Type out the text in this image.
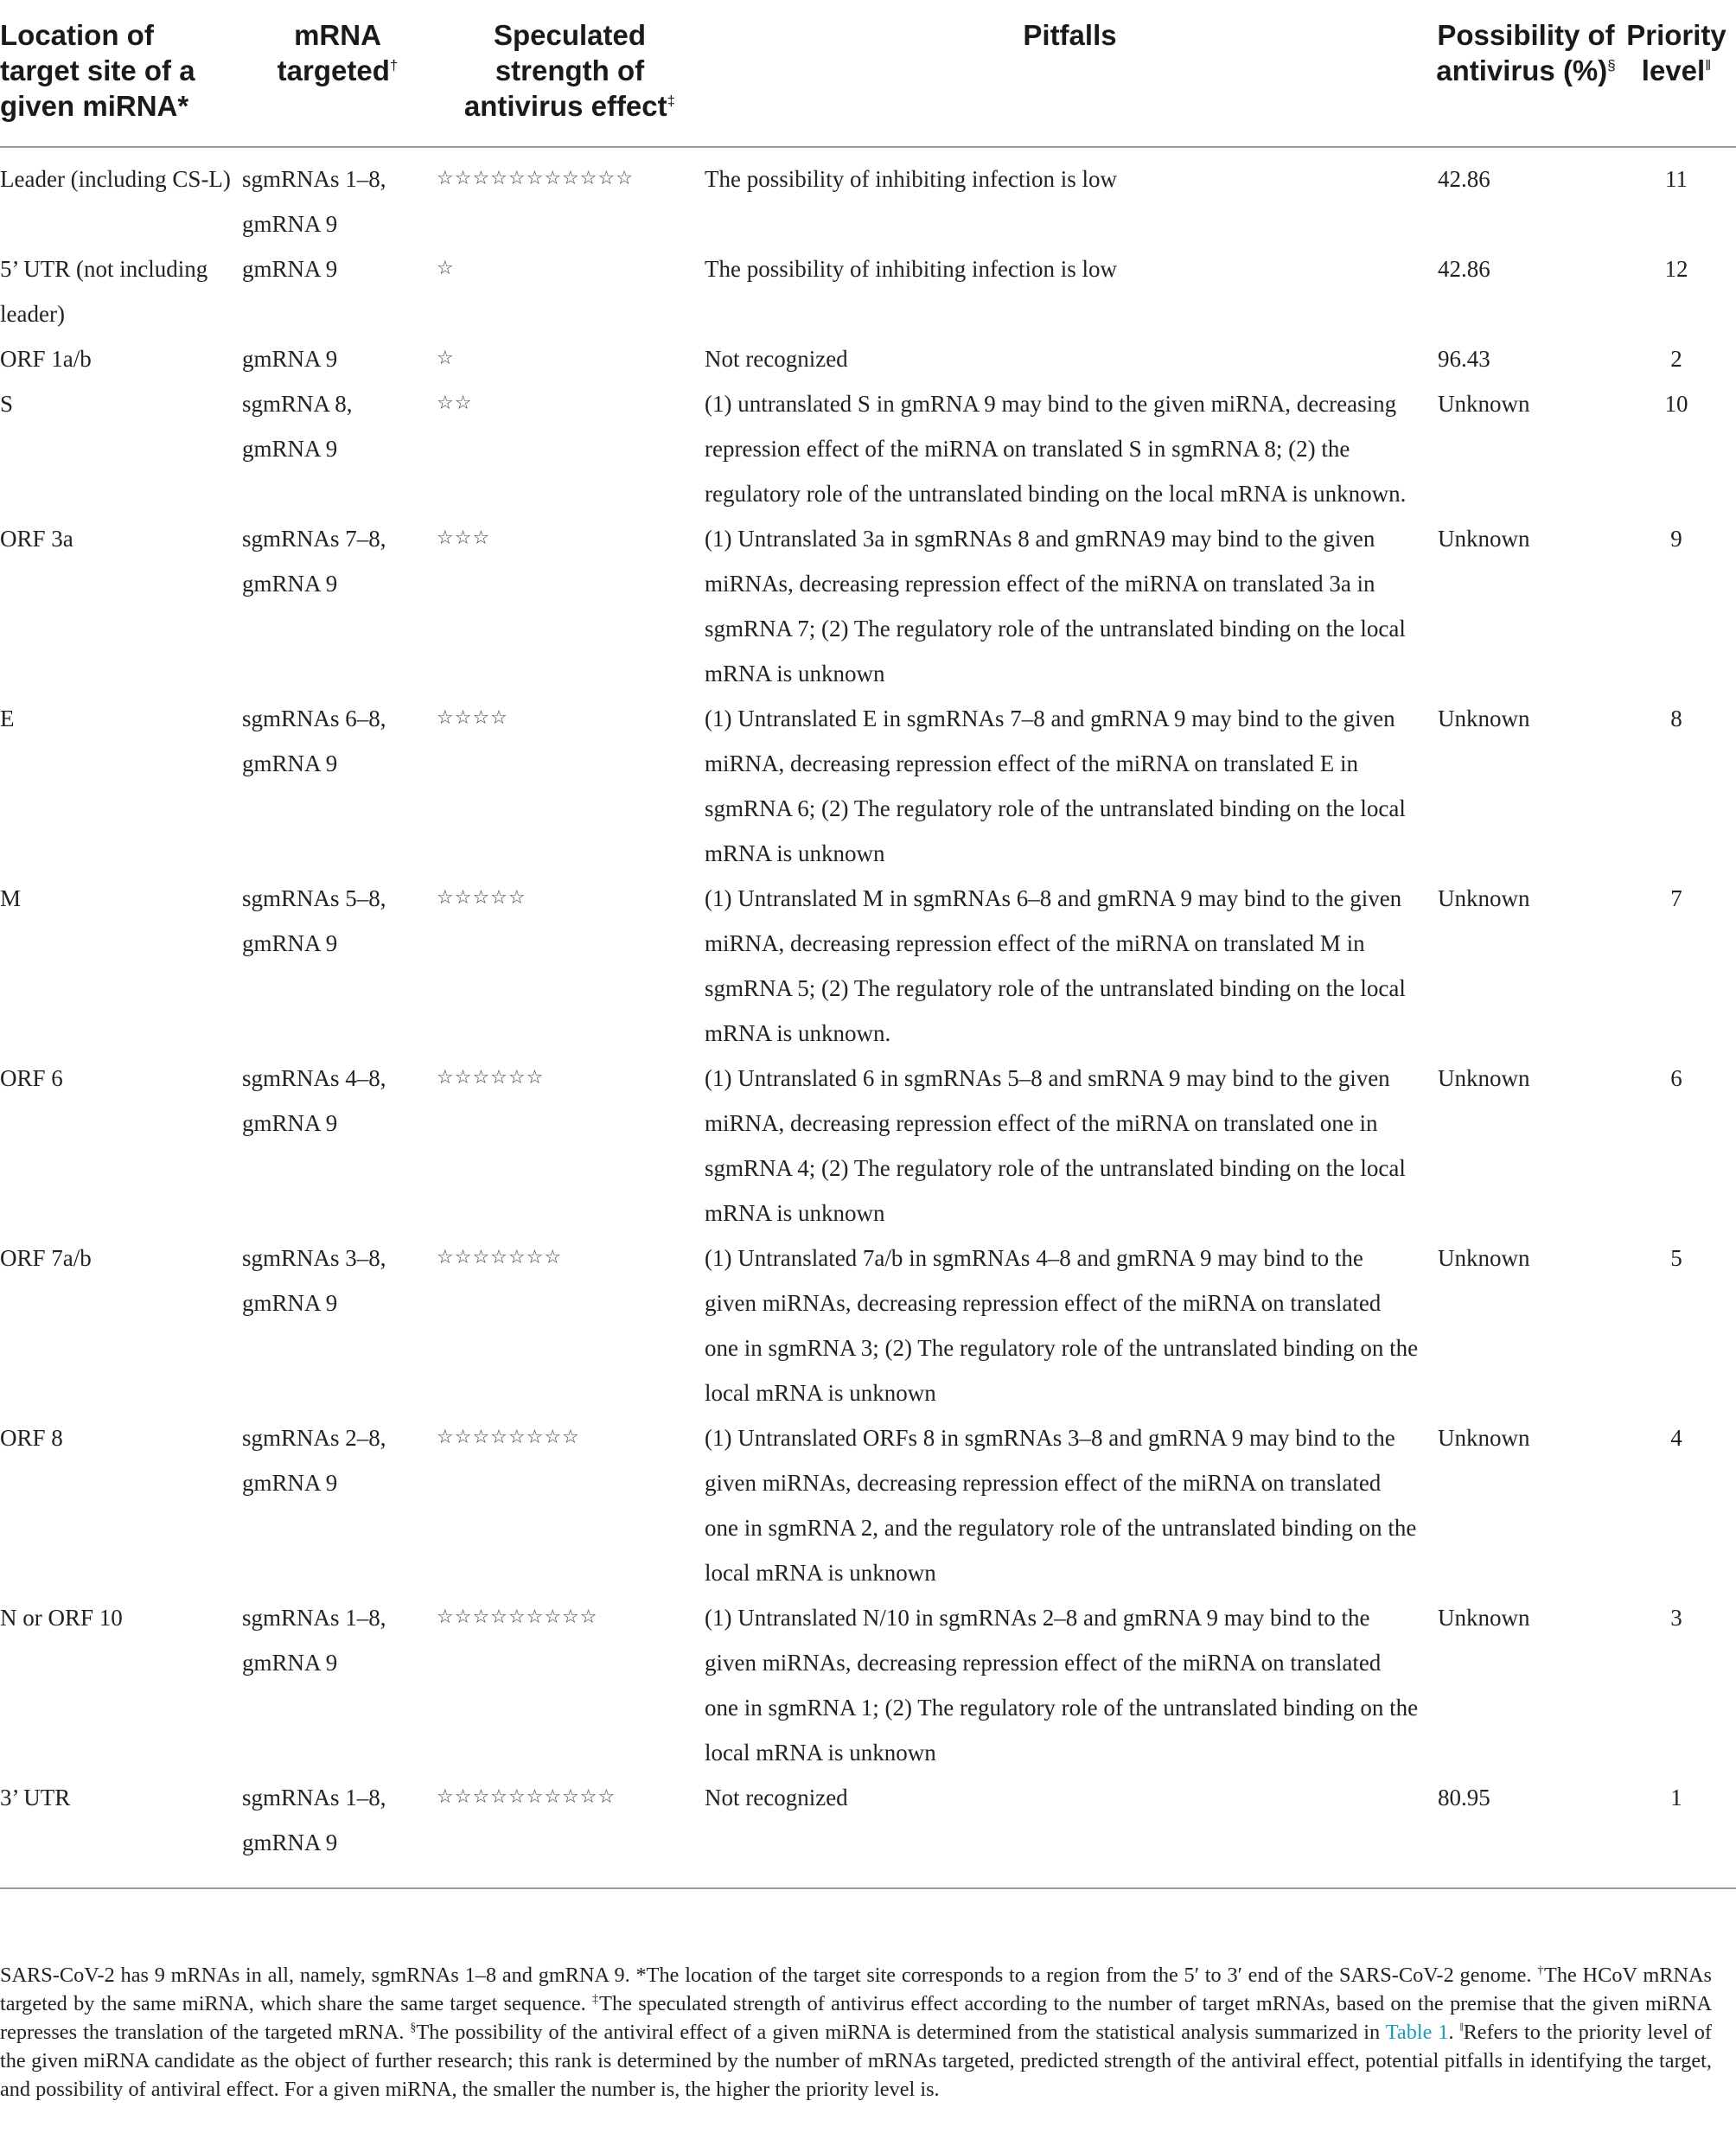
Location of target site of a given miRNA*	mRNA targeted†	Speculated strength of antivirus effect‡	Pitfalls	Possibility of antivirus (%)§	Priority level‖
Leader (including CS-L)	sgmRNAs 1–8, gmRNA 9	☆☆☆☆☆☆☆☆☆☆☆	The possibility of inhibiting infection is low	42.86	11
5’ UTR (not including leader)	gmRNA 9	☆	The possibility of inhibiting infection is low	42.86	12
ORF 1a/b	gmRNA 9	☆	Not recognized	96.43	2
S	sgmRNA 8, gmRNA 9	☆☆	(1) untranslated S in gmRNA 9 may bind to the given miRNA, decreasing repression effect of the miRNA on translated S in sgmRNA 8; (2) the regulatory role of the untranslated binding on the local mRNA is unknown.	Unknown	10
ORF 3a	sgmRNAs 7–8, gmRNA 9	☆☆☆	(1) Untranslated 3a in sgmRNAs 8 and gmRNA9 may bind to the given miRNAs, decreasing repression effect of the miRNA on translated 3a in sgmRNA 7; (2) The regulatory role of the untranslated binding on the local mRNA is unknown	Unknown	9
E	sgmRNAs 6–8, gmRNA 9	☆☆☆☆	(1) Untranslated E in sgmRNAs 7–8 and gmRNA 9 may bind to the given miRNA, decreasing repression effect of the miRNA on translated E in sgmRNA 6; (2) The regulatory role of the untranslated binding on the local mRNA is unknown	Unknown	8
M	sgmRNAs 5–8, gmRNA 9	☆☆☆☆☆	(1) Untranslated M in sgmRNAs 6–8 and gmRNA 9 may bind to the given miRNA, decreasing repression effect of the miRNA on translated M in sgmRNA 5; (2) The regulatory role of the untranslated binding on the local mRNA is unknown.	Unknown	7
ORF 6	sgmRNAs 4–8, gmRNA 9	☆☆☆☆☆☆	(1) Untranslated 6 in sgmRNAs 5–8 and smRNA 9 may bind to the given miRNA, decreasing repression effect of the miRNA on translated one in sgmRNA 4; (2) The regulatory role of the untranslated binding on the local mRNA is unknown	Unknown	6
ORF 7a/b	sgmRNAs 3–8, gmRNA 9	☆☆☆☆☆☆☆	(1) Untranslated 7a/b in sgmRNAs 4–8 and gmRNA 9 may bind to the given miRNAs, decreasing repression effect of the miRNA on translated one in sgmRNA 3; (2) The regulatory role of the untranslated binding on the local mRNA is unknown	Unknown	5
ORF 8	sgmRNAs 2–8, gmRNA 9	☆☆☆☆☆☆☆☆	(1) Untranslated ORFs 8 in sgmRNAs 3–8 and gmRNA 9 may bind to the given miRNAs, decreasing repression effect of the miRNA on translated one in sgmRNA 2, and the regulatory role of the untranslated binding on the local mRNA is unknown	Unknown	4
N or ORF 10	sgmRNAs 1–8, gmRNA 9	☆☆☆☆☆☆☆☆☆	(1) Untranslated N/10 in sgmRNAs 2–8 and gmRNA 9 may bind to the given miRNAs, decreasing repression effect of the miRNA on translated one in sgmRNA 1; (2) The regulatory role of the untranslated binding on the local mRNA is unknown	Unknown	3
3’ UTR	sgmRNAs 1–8, gmRNA 9	☆☆☆☆☆☆☆☆☆☆	Not recognized	80.95	1
SARS-CoV-2 has 9 mRNAs in all, namely, sgmRNAs 1–8 and gmRNA 9. *The location of the target site corresponds to a region from the 5′ to 3′ end of the SARS-CoV-2 genome. †The HCoV mRNAs targeted by the same miRNA, which share the same target sequence. ‡The speculated strength of antivirus effect according to the number of target mRNAs, based on the premise that the given miRNA represses the translation of the targeted mRNA. §The possibility of the antiviral effect of a given miRNA is determined from the statistical analysis summarized in Table 1. ‖Refers to the priority level of the given miRNA candidate as the object of further research; this rank is determined by the number of mRNAs targeted, predicted strength of the antiviral effect, potential pitfalls in identifying the target, and possibility of antiviral effect. For a given miRNA, the smaller the number is, the higher the priority level is.
